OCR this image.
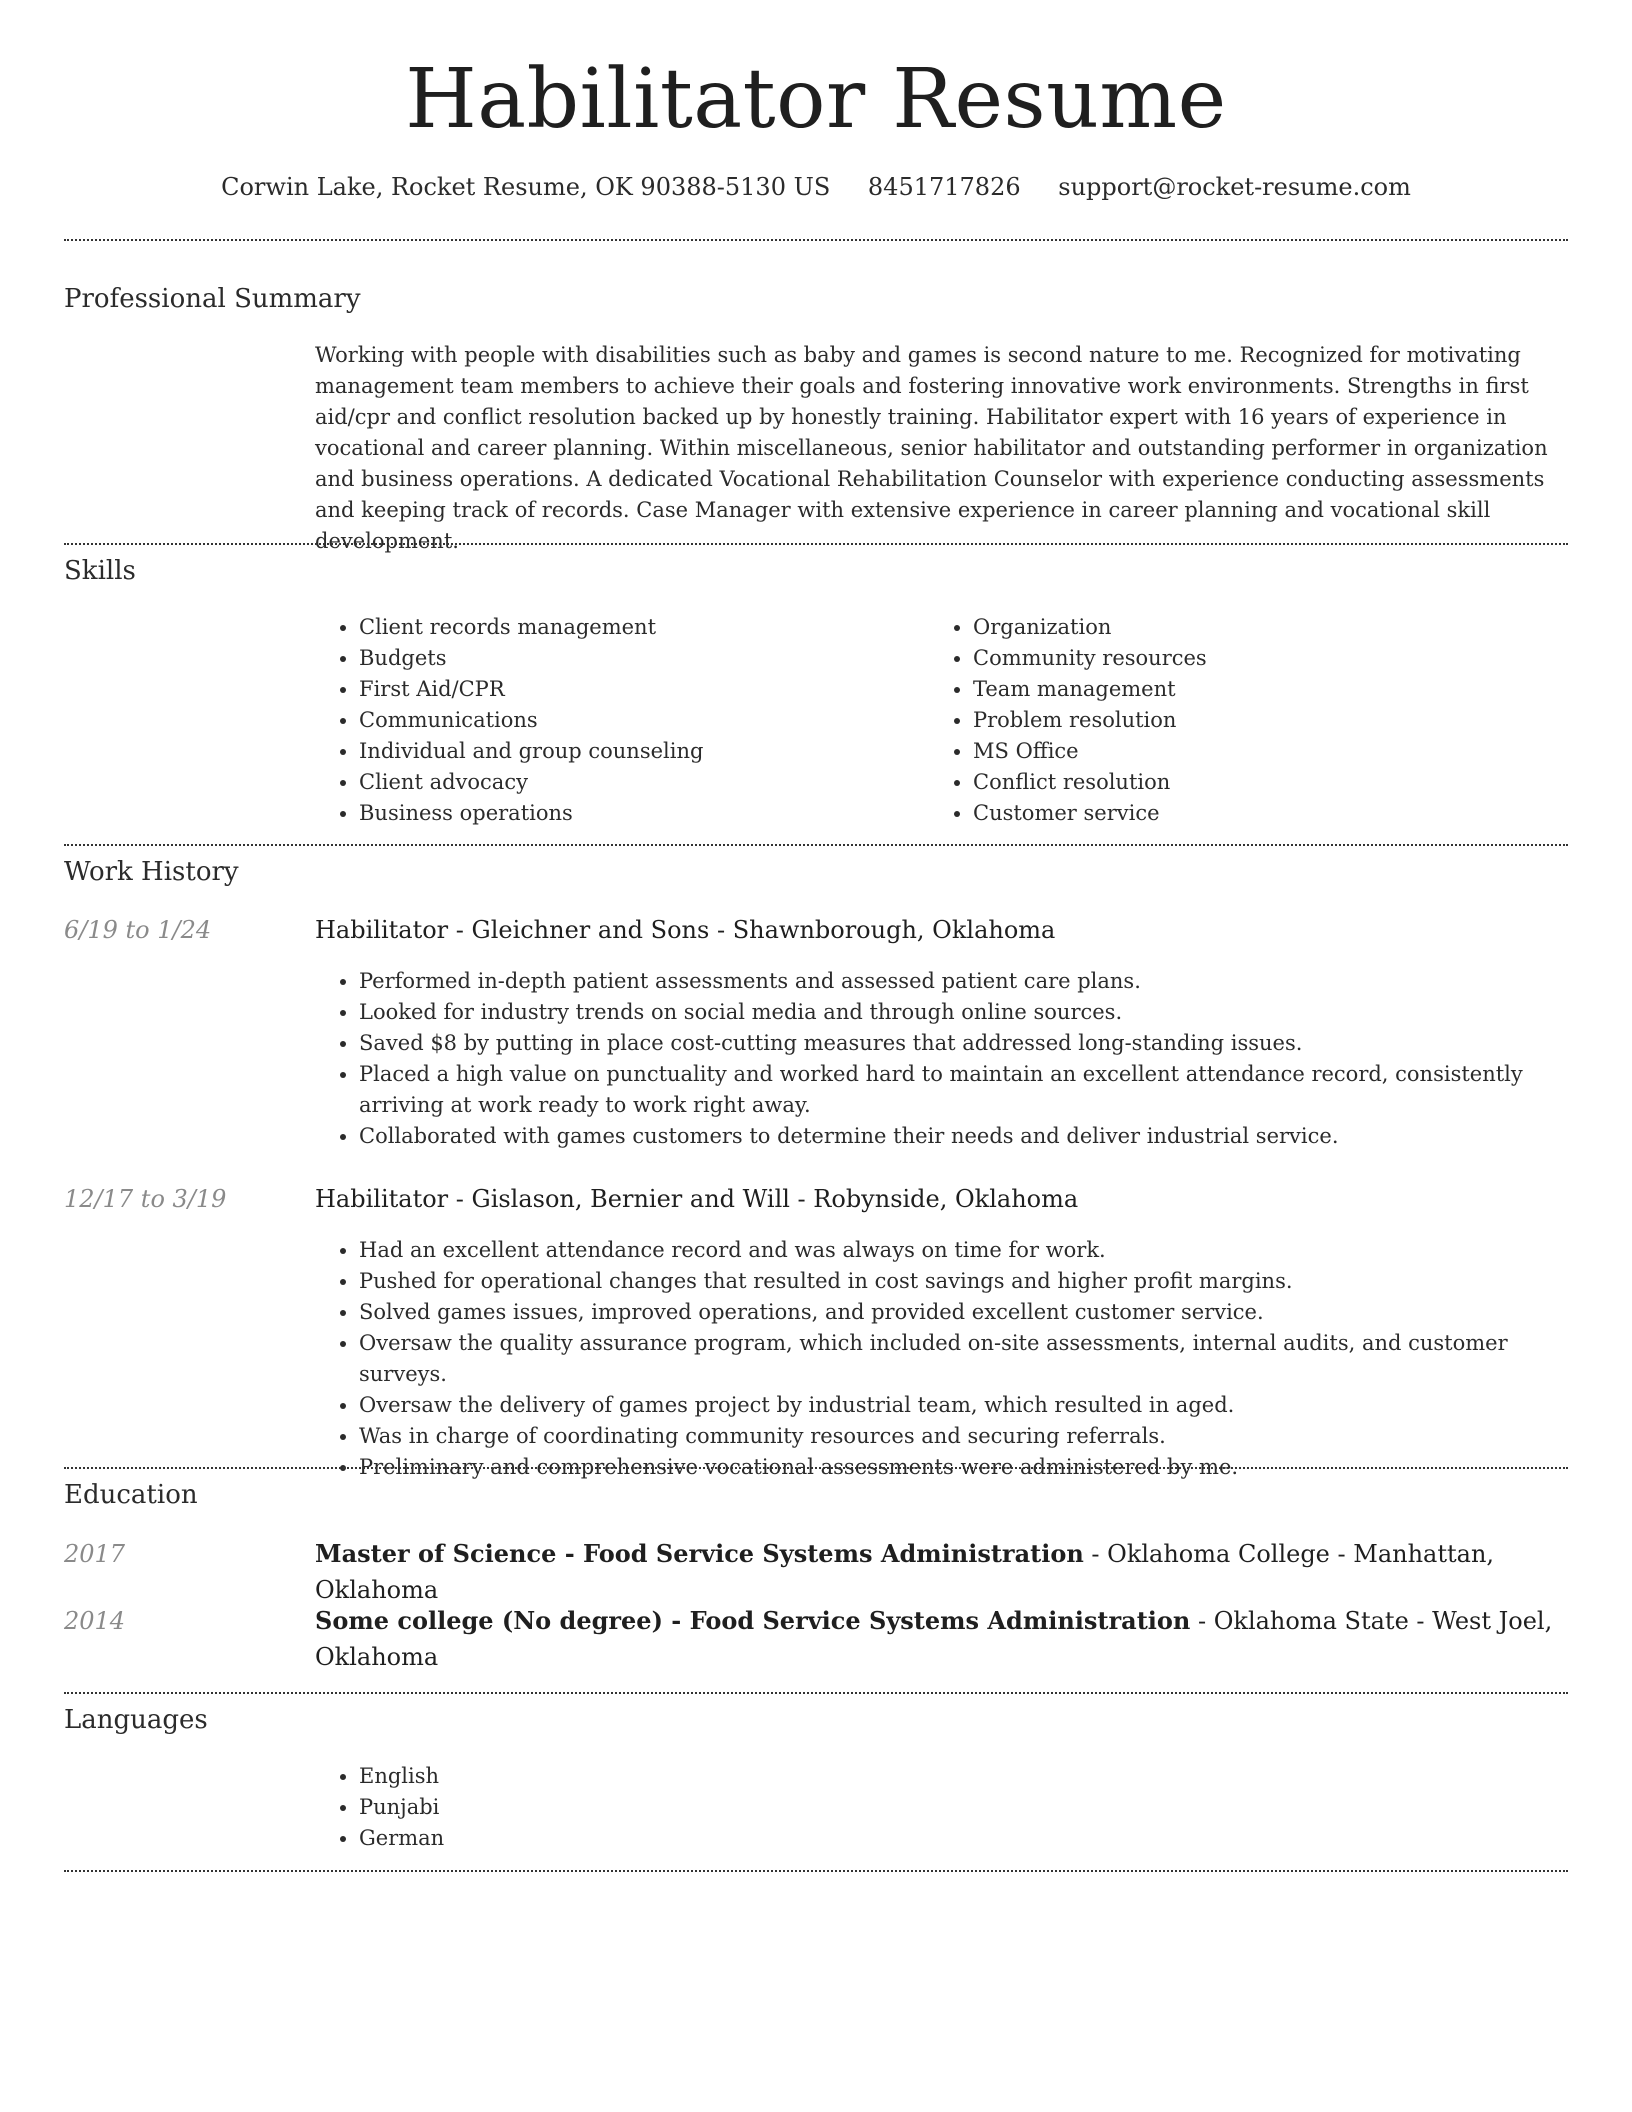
Habilitator Resume
Corwin Lake, Rocket Resume, OK 90388-5130 US 8451717826 support@rocket-resume.com
Professional Summary
Working with people with disabilities such as baby and games is second nature to me. Recognized for motivating management team members to achieve their goals and fostering innovative work environments. Strengths in first aid/cpr and conflict resolution backed up by honestly training. Habilitator expert with 16 years of experience in vocational and career planning. Within miscellaneous, senior habilitator and outstanding performer in organization and business operations. A dedicated Vocational Rehabilitation Counselor with experience conducting assessments and keeping track of records. Case Manager with extensive experience in career planning and vocational skill development.
Skills
• Client records management
• Budgets
• First Aid/CPR
• Communications
• Individual and group counseling
• Client advocacy
• Business operations
• Organization
• Community resources
• Team management
• Problem resolution
• MS Office
• Conflict resolution
• Customer service
Work History
6/19 to 1/24	Habilitator - Gleichner and Sons - Shawnborough, Oklahoma
• Performed in-depth patient assessments and assessed patient care plans.
• Looked for industry trends on social media and through online sources.
• Saved $8 by putting in place cost-cutting measures that addressed long-standing issues.
• Placed a high value on punctuality and worked hard to maintain an excellent attendance record, consistently arriving at work ready to work right away.
• Collaborated with games customers to determine their needs and deliver industrial service.
12/17 to 3/19	Habilitator - Gislason, Bernier and Will - Robynside, Oklahoma
• Had an excellent attendance record and was always on time for work.
• Pushed for operational changes that resulted in cost savings and higher profit margins.
• Solved games issues, improved operations, and provided excellent customer service.
• Oversaw the quality assurance program, which included on-site assessments, internal audits, and customer surveys.
• Oversaw the delivery of games project by industrial team, which resulted in aged.
• Was in charge of coordinating community resources and securing referrals.
• Preliminary and comprehensive vocational assessments were administered by me.
Education
2017	Master of Science - Food Service Systems Administration - Oklahoma College - Manhattan, Oklahoma
2014	Some college (No degree) - Food Service Systems Administration - Oklahoma State - West Joel, Oklahoma
Languages
• English
• Punjabi
• German
